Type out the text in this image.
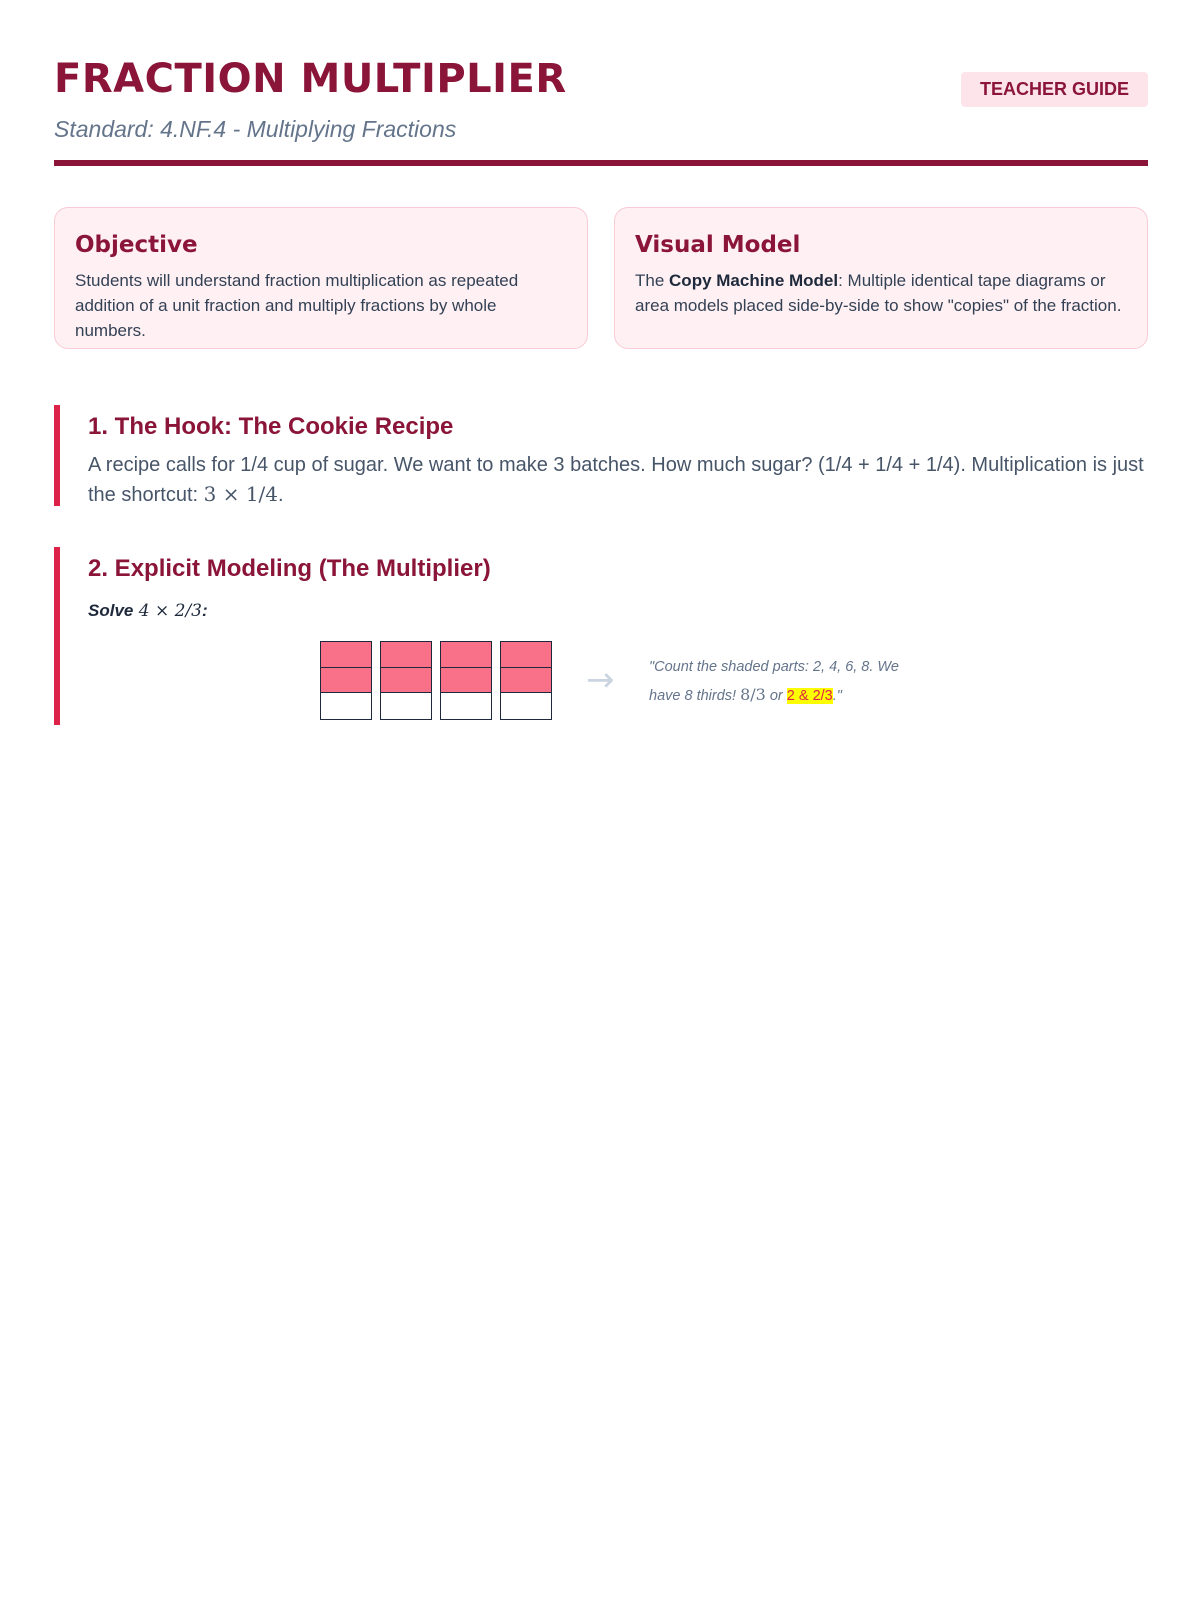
FRACTION MULTIPLIER	TEACHER GUIDE
Standard: 4.NF.4 - Multiplying Fractions
Objective

Students will understand fraction multiplication as repeated addition of a unit fraction and multiply fractions by whole numbers.

Visual Model

The Copy Machine Model: Multiple identical tape diagrams or area models placed side-by-side to show "copies" of the fraction.

1. The Hook: The Cookie Recipe

A recipe calls for 1/4 cup of sugar. We want to make 3 batches. How much sugar? (1/4 + 1/4 + 1/4). Multiplication is just the shortcut: 3 × 1/4.

2. Explicit Modeling (The Multiplier)
Solve 4 × 2/3:
→ "Count the shaded parts: 2, 4, 6, 8. We have 8 thirds! 8/3 or 2 & 2/3."
